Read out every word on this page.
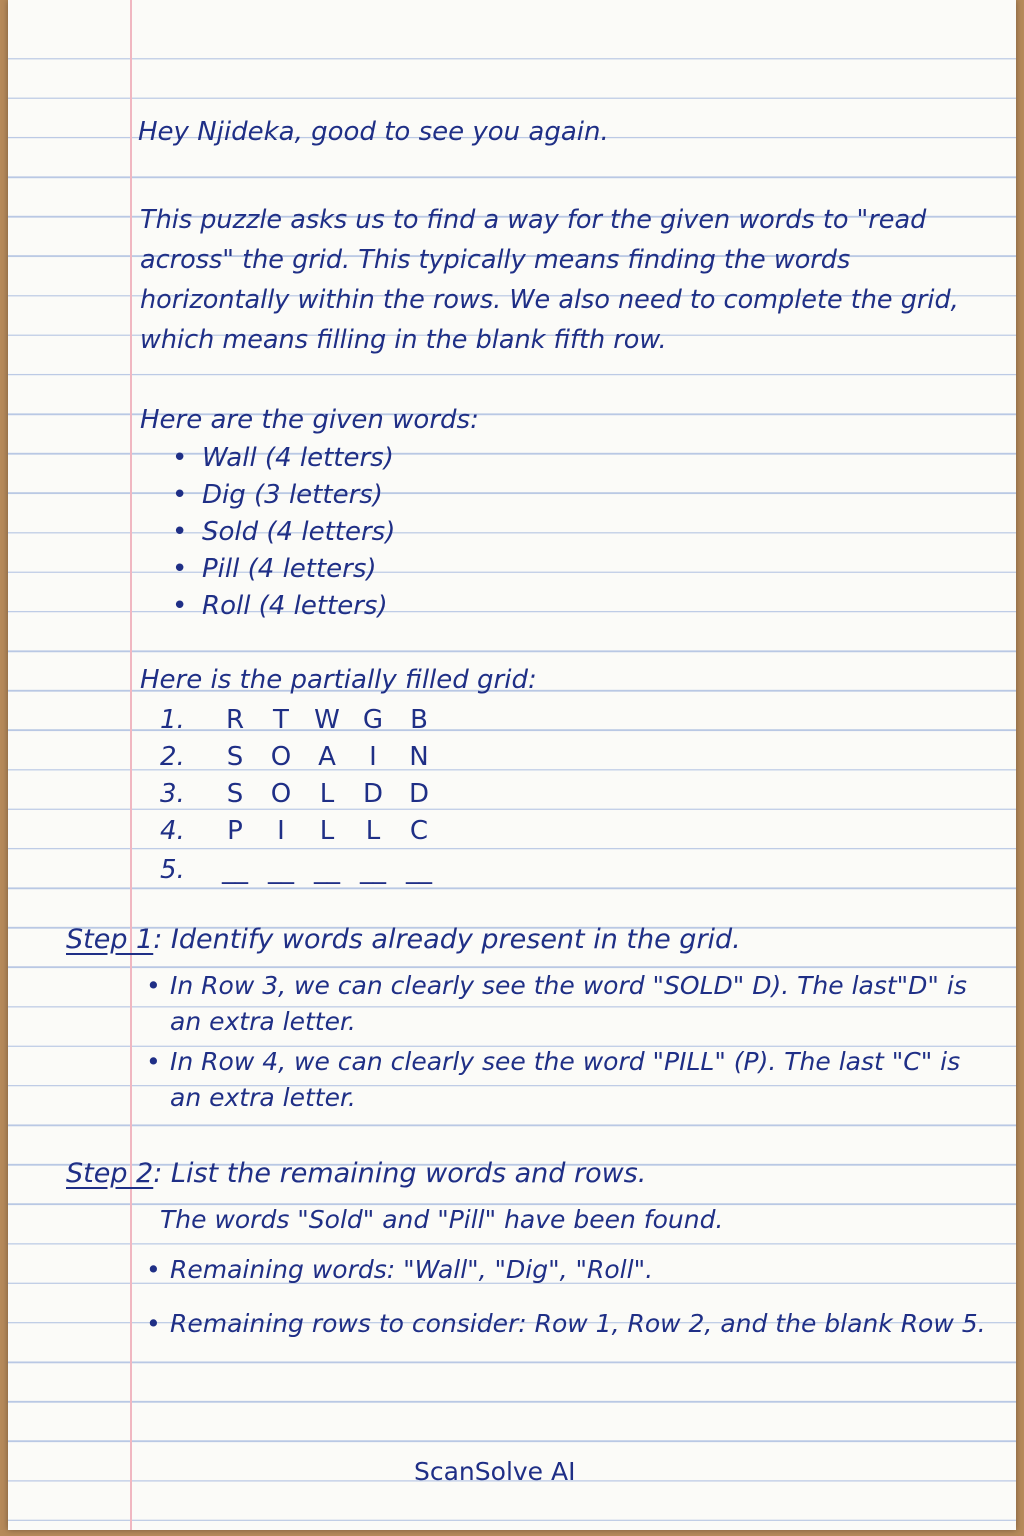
Hey Njideka, good to see you again.
This puzzle asks us to find a way for the given words to "read across" the grid. This typically means finding the words horizontally within the rows. We also need to complete the grid, which means filling in the blank fifth row.
Here are the given words:
• Wall (4 letters)
• Dig (3 letters)
• Sold (4 letters)
• Pill (4 letters)
• Roll (4 letters)
Here is the partially filled grid:
1.	R	T W G	B
2.	S	O	A	I	N
3.	S	O	L	D D
4.	P	I	L	L	C
5.	__ __ __ __ __
Step 1: Identify words already present in the grid.
• In Row 3, we can clearly see the word "SOLD" D). The last"D" is an extra letter.
• In Row 4, we can clearly see the word "PILL" (P). The last "C" is an extra letter.
Step 2: List the remaining words and rows.
The words "Sold" and "Pill" have been found.
• Remaining words: "Wall", "Dig", "Roll".
• Remaining rows to consider: Row 1, Row 2, and the blank Row 5.
ScanSolve AI
